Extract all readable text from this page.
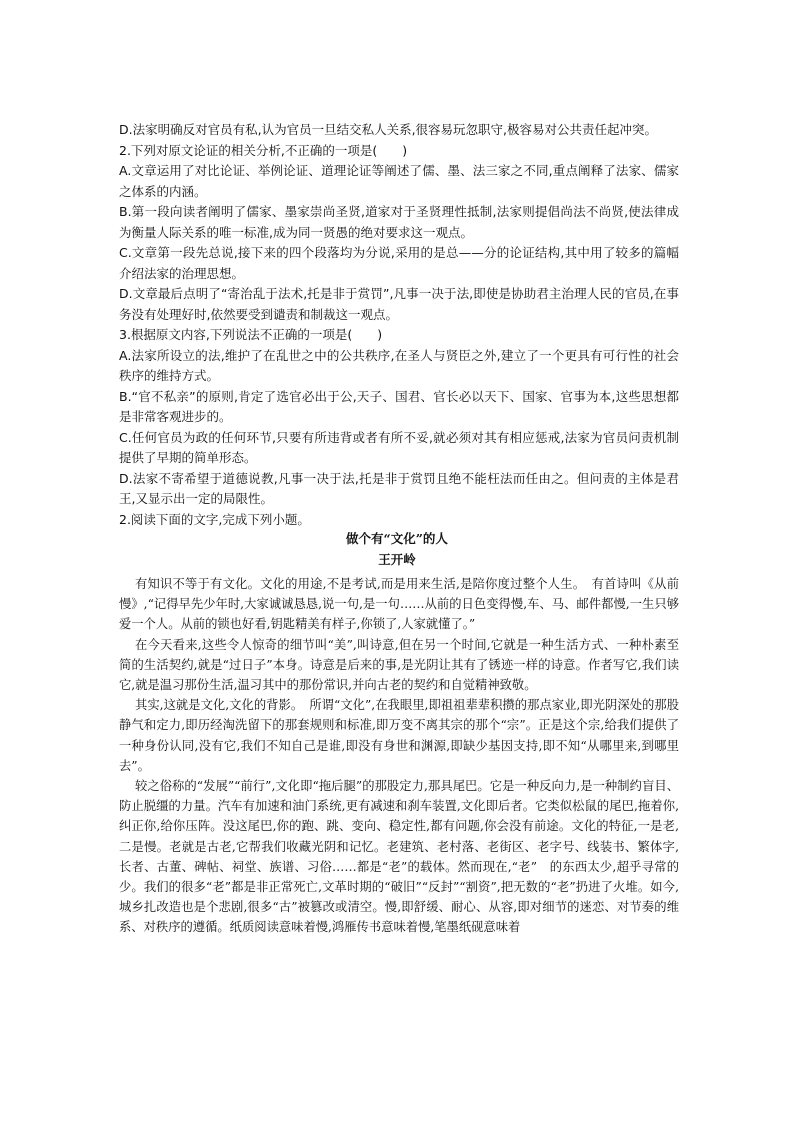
D.法家明确反对官员有私,认为官员一旦结交私人关系,很容易玩忽职守,极容易对公共责任起冲突。

2.下列对原文论证的相关分析,不正确的一项是(　　)

A.文章运用了对比论证、举例论证、道理论证等阐述了儒、墨、法三家之不同,重点阐释了法家、儒家之体系的内涵。

B.第一段向读者阐明了儒家、墨家崇尚圣贤,道家对于圣贤理性抵制,法家则提倡尚法不尚贤,使法律成为衡量人际关系的唯一标准,成为同一贤愚的绝对要求这一观点。

C.文章第一段先总说,接下来的四个段落均为分说,采用的是总——分的论证结构,其中用了较多的篇幅介绍法家的治理思想。

D.文章最后点明了“寄治乱于法术,托是非于赏罚”,凡事一决于法,即使是协助君主治理人民的官员,在事务没有处理好时,依然要受到谴责和制裁这一观点。

3.根据原文内容,下列说法不正确的一项是(　　)

A.法家所设立的法,维护了在乱世之中的公共秩序,在圣人与贤臣之外,建立了一个更具有可行性的社会秩序的维持方式。

B.“官不私亲”的原则,肯定了选官必出于公,天子、国君、官长必以天下、国家、官事为本,这些思想都是非常客观进步的。

C.任何官员为政的任何环节,只要有所违背或者有所不妥,就必须对其有相应惩戒,法家为官员问责机制提供了早期的简单形态。

D.法家不寄希望于道德说教,凡事一决于法,托是非于赏罚且绝不能枉法而任由之。但问责的主体是君王,又显示出一定的局限性。

2.阅读下面的文字,完成下列小题。

做个有“文化”的人
王开岭

有知识不等于有文化。文化的用途,不是考试,而是用来生活,是陪你度过整个人生。　有首诗叫《从前慢》,“记得早先少年时,大家诚诚恳恳,说一句,是一句……从前的日色变得慢,车、马、邮件都慢,一生只够爱一个人。从前的锁也好看,钥匙精美有样子,你锁了,人家就懂了。”

在今天看来,这些令人惊奇的细节叫“美”,叫诗意,但在另一个时间,它就是一种生活方式、一种朴素至简的生活契约,就是“过日子”本身。诗意是后来的事,是光阴让其有了锈迹一样的诗意。作者写它,我们读它,就是温习那份生活,温习其中的那份常识,并向古老的契约和自觉精神致敬。

其实,这就是文化,文化的背影。　所谓“文化”,在我眼里,即祖祖辈辈积攒的那点家业,即光阴深处的那股静气和定力,即历经淘洗留下的那套规则和标准,即万变不离其宗的那个“宗”。正是这个宗,给我们提供了一种身份认同,没有它,我们不知自己是谁,即没有身世和渊源,即缺少基因支持,即不知“从哪里来,到哪里去”。

较之俗称的“发展”“前行”,文化即“拖后腿”的那股定力,那具尾巴。它是一种反向力,是一种制约盲目、防止脱缰的力量。汽车有加速和油门系统,更有减速和刹车装置,文化即后者。它类似松鼠的尾巴,拖着你,纠正你,给你压阵。没这尾巴,你的跑、跳、变向、稳定性,都有问题,你会没有前途。文化的特征,一是老,二是慢。老就是古老,它帮我们收藏光阴和记忆。老建筑、老村落、老街区、老字号、线装书、繁体字,长者、古董、碑帖、祠堂、族谱、习俗……都是“老”的载体。然而现在,“老”　的东西太少,超乎寻常的少。我们的很多“老”都是非正常死亡,文革时期的“破旧”“反封”“割资”,把无数的“老”扔进了火堆。如今,城乡扎改造也是个悲剧,很多“古”被篡改或清空。慢,即舒缓、耐心、从容,即对细节的迷恋、对节奏的维系、对秩序的遵循。纸质阅读意味着慢,鸿雁传书意味着慢,笔墨纸砚意味着
